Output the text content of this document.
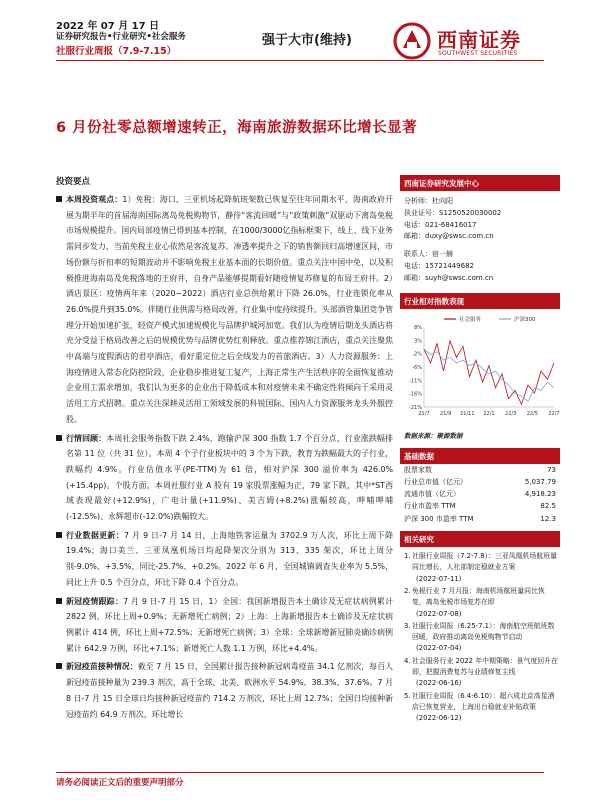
2022 年 07 月 17 日
证券研究报告•行业研究•社会服务
社服行业周报（7.9-7.15）
强于大市(维持)	西南证券
SOUTHWEST SECURITIES
6 月份社零总额增速转正，海南旅游数据环比增长显著
投资要点

本周投资观点：1）免税：海口、三亚机场起降航班架数已恢复至往年同期水平，海南政府开展为期半年的首届海南国际离岛免税购物节，静待“客流回暖”与“政策刺激”双驱动下离岛免税市场规模提升。国内局部疫情已得到基本控制，在1000/3000亿指标框架下，线上、线下业务需同步发力，当前免税主业心依然是客流复苏、渗透率提升之下的销售额回归高增速区间，市场份额与折扣率的短期波动并不影响免税主业基本面的长期价值。重点关注中国中免，以及积极推进海南岛及免税落地的王府井，自身产品能够提期看好随疫情复苏修复的布局王府井。2）酒店景区：疫情两年来（2020~2022）酒店行业总供给累计下降 26.0%，行业连锁化率从26.0%提升到35.0%。伴随行业供需与格局改善，行业集中度持续提升。头部酒管集团竞争管理分开始加速扩张，轻资产模式加速规模化与品牌护城河加宽。我们认为疫情后期龙头酒店将充分受益于格局改善之后的规模优势与品牌优势红利释放。重点推荐锦江酒店，重点关注聚焦中高端与度假酒店的君亭酒店，看好重定位之后全线发力的首旅酒店。3）人力资源服务：上海疫情进入常态化防控阶段，企业稳步推进复工复产，上海正常生产生活秩序的全面恢复推动企业用工需求增加，我们认为更多的企业出于降低成本和对疫情未来不确定性将倾向于采用灵活用工方式招聘。重点关注深耕灵活用工领域发展的科锐国际、国内人力资源服务龙头外服控股。

行情回顾：本周社会服务指数下跌 2.4%，跑输沪深 300 指数 1.7 个百分点，行业涨跌幅排名第 11 位（共 31 位）。本周 4 个子行业板块中的 3 个为下跌，教育为跌幅最大的子行业，跌幅约 4.9%。行业估值水平(PE-TTM)为 61 倍，相对沪深 300 溢价率为 426.0%(+15.4pp)。个股方面，本周社服行业 A 股有 19 家股票涨幅为正，79 家下跌，其中*ST西域表现最好(+12.9%)，广电计量(+11.9%)、美吉姆(+8.2%)涨幅较高，呷哺呷哺(-12.5%)、永辉超市(-12.0%)跌幅较大。

行业数据更新：7 月 9 日-7 月 14 日，上海地铁客运量为 3702.9 万人次，环比上周下降 19.4%；海口美兰、三亚凤凰机场日均起降架次分别为 313、335 架次，环比上周分别-9.0%、+3.5%，同比-25.7%、+0.2%。2022 年 6 月，全国城镇调查失业率为 5.5%，同比上升 0.5 个百分点，环比下降 0.4 个百分点。

新冠疫情跟踪：7 月 9 日-7 月 15 日，1）全国：我国新增报告本土确诊及无症状病例累计 2822 例，环比上周+0.9%；无新增死亡病例；2）上海：上海新增报告本土确诊及无症状病例累计 414 例，环比上周+72.5%；无新增死亡病例；3）全球：全球新增新冠肺炎确诊病例累计 642.9 万例，环比+7.1%；新增死亡人数 1.1 万例，环比+4.4%。

新冠疫苗接种情况：截至 7 月 15 日，全国累计报告接种新冠病毒疫苗 34.1 亿剂次，每百人新冠疫苗接种量为 239.3 剂次，高于全球、北美、欧洲水平 54.9%、38.3%、37.6%。7 月 8 日-7 月 15 日全球日均接种新冠疫苗约 714.2 万剂次，环比上周 12.7%；全国日均接种新冠疫苗约 64.9 万剂次，环比增长

西南证券研究发展中心
分析师：杜向阳
执业证号：S1250520030002
电话：021-68416017
邮箱：duxy@swsc.com.cn
联系人：宿一赫
电话：15721449682
邮箱：suyh@swsc.com.cn
行业相对指数表现
8%
3%
-2%
-6%
-11%
-16%
-21%
21/7 21/9 21/11 22/1 22/3 22/5 22/7
社会服务	沪深300
数据来源：聚源数据
基础数据
股票家数	73
行业总市值（亿元）	5,037.79
流通市值（亿元）	4,918.23
行业市盈率 TTM	82.5
沪深 300 市盈率 TTM	12.3
相关研究
1. 社服行业周报（7.2-7.8）：三亚凤凰机场航班量同比增长，人社部制定稳就业方案
(2022-07-11)
2. 免税行业 7 月月报：海南机场航班量同比恢复，离岛免税市场复苏在即
(2022-07-08)
3. 社服行业周报（6.25-7.1）：海南航空班航班数回暖，政府推动离岛免税购物节启动
(2022-07-04)
4. 社会服务行业 2022 年中期策略：景气度回升在即，把握消费复苏与业绩修复主线
(2022-06-16)
5. 社服行业周报（6.4-6.10）：超六成北京高星酒店已恢复营业，上海出台稳就业补贴政策
(2022-06-12)
请务必阅读正文后的重要声明部分
